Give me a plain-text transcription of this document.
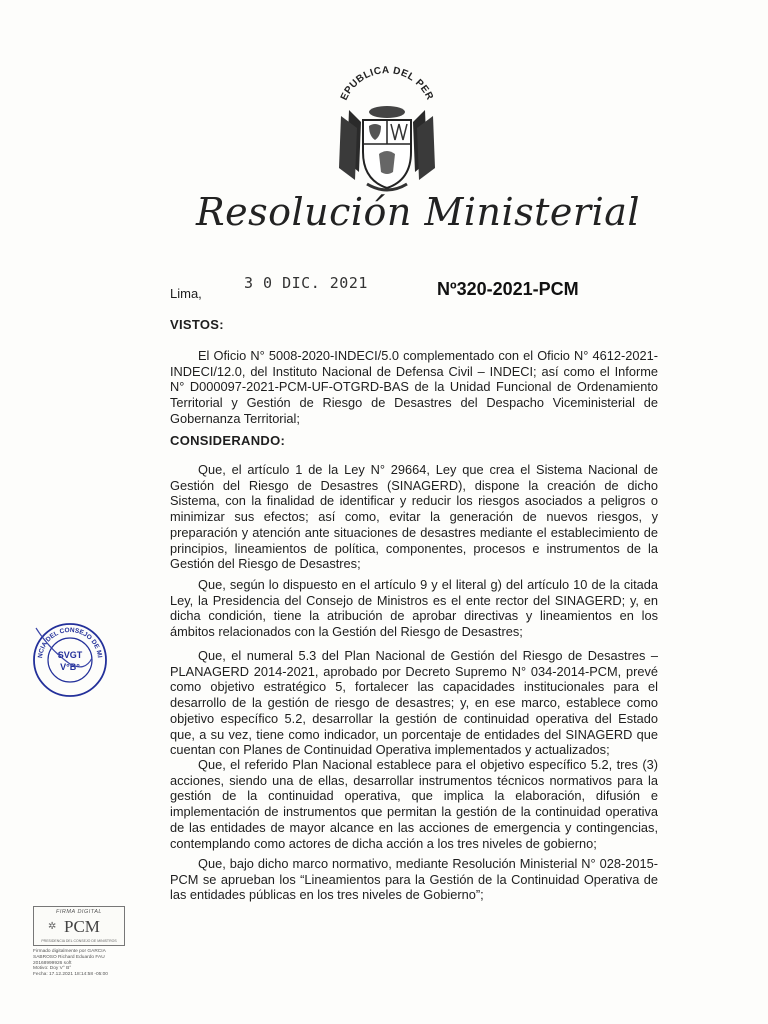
EPUBLICA DEL PER
Resolución Ministerial
3 0 DIC. 2021
Lima,	Nº320-2021-PCM
VISTOS:
El Oficio N° 5008-2020-INDECI/5.0 complementado con el Oficio N° 4612-2021-INDECI/12.0, del Instituto Nacional de Defensa Civil – INDECI; así como el Informe N° D000097-2021-PCM-UF-OTGRD-BAS de la Unidad Funcional de Ordenamiento Territorial y Gestión de Riesgo de Desastres del Despacho Viceministerial de Gobernanza Territorial;
CONSIDERANDO:
Que, el artículo 1 de la Ley N° 29664, Ley que crea el Sistema Nacional de Gestión del Riesgo de Desastres (SINAGERD), dispone la creación de dicho Sistema, con la finalidad de identificar y reducir los riesgos asociados a peligros o minimizar sus efectos; así como, evitar la generación de nuevos riesgos, y preparación y atención ante situaciones de desastres mediante el establecimiento de principios, lineamientos de política, componentes, procesos e instrumentos de la Gestión del Riesgo de Desastres;
Que, según lo dispuesto en el artículo 9 y el literal g) del artículo 10 de la citada Ley, la Presidencia del Consejo de Ministros es el ente rector del SINAGERD; y, en dicha condición, tiene la atribución de aprobar directivas y lineamientos en los ámbitos relacionados con la Gestión del Riesgo de Desastres;
Que, el numeral 5.3 del Plan Nacional de Gestión del Riesgo de Desastres – PLANAGERD 2014-2021, aprobado por Decreto Supremo N° 034-2014-PCM, prevé como objetivo estratégico 5, fortalecer las capacidades institucionales para el desarrollo de la gestión de riesgo de desastres; y, en ese marco, establece como objetivo específico 5.2, desarrollar la gestión de continuidad operativa del Estado que, a su vez, tiene como indicador, un porcentaje de entidades del SINAGERD que cuentan con Planes de Continuidad Operativa implementados y actualizados;
Que, el referido Plan Nacional establece para el objetivo específico 5.2, tres (3) acciones, siendo una de ellas, desarrollar instrumentos técnicos normativos para la gestión de la continuidad operativa, que implica la elaboración, difusión e implementación de instrumentos que permitan la gestión de la continuidad operativa de las entidades de mayor alcance en las acciones de emergencia y contingencias, contemplando como actores de dicha acción a los tres niveles de gobierno;
Que, bajo dicho marco normativo, mediante Resolución Ministerial N° 028-2015-PCM se aprueban los “Lineamientos para la Gestión de la Continuidad Operativa de las entidades públicas en los tres niveles de Gobierno”;
NCIA DEL CONSEJO DE MI
SVGT
V°B°
FIRMA DIGITAL
✲ PCM
PRESIDENCIA DEL CONSEJO DE MINISTROS
Firmado digitalmente por GARCIA
SABROSO Richard Eduardo FAU
20168999926 soft
Motivo: Doy V° B°
Fecha: 17.12.2021 18:14:58 -05:00
